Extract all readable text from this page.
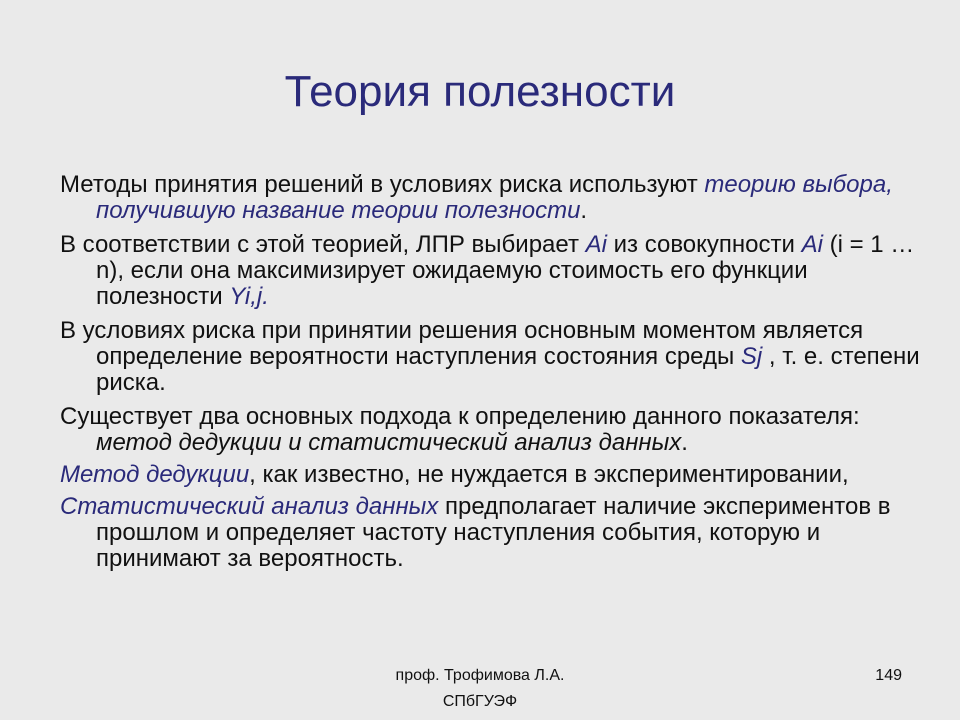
Теория полезности

Методы принятия решений в условиях риска используют теорию выбора, получившую название теории полезности.

В соответствии с этой теорией, ЛПР выбирает Ai из совокупности Ai (i = 1 … n), если она максимизирует ожидаемую стоимость его функции полезности Yi,j.

В условиях риска при принятии решения основным моментом является определение вероятности наступления состояния среды Sj , т. е. степени риска.

Существует два основных подхода к определению данного показателя: метод дедукции и статистический анализ данных.

Метод дедукции, как известно, не нуждается в экспериментировании,

Статистический анализ данных предполагает наличие экспериментов в прошлом и определяет частоту наступления события, которую и принимают за вероятность.

проф. Трофимова Л.А.
СПбГУЭФ
149
